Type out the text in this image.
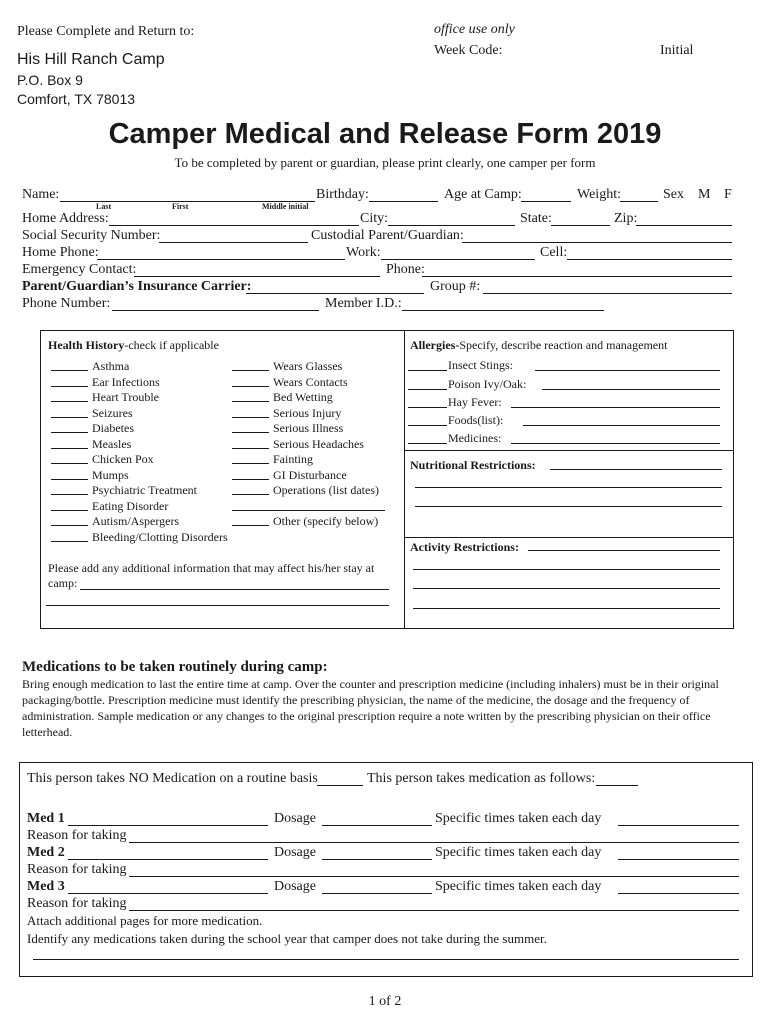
Please Complete and Return to:
His Hill Ranch Camp
P.O. Box 9
Comfort, TX 78013
office use only
Week Code:	Initial
Camper Medical and Release Form 2019
To be completed by parent or guardian, please print clearly, one camper per form
Name:
Last	First	Middle initial
Birthday:	Age at Camp:	Weight:	Sex M F
Home Address:	City:	State:	Zip:
Social Security Number:	Custodial Parent/Guardian:
Home Phone:	Work:	Cell:
Emergency Contact:	Phone:
Parent/Guardian’s Insurance Carrier:	Group #:
Phone Number:	Member I.D.:
Health History-check if applicable
Asthma
Ear Infections
Heart Trouble
Seizures
Diabetes
Measles
Chicken Pox
Mumps
Psychiatric Treatment
Eating Disorder
Autism/Aspergers
Bleeding/Clotting Disorders
Wears Glasses
Wears Contacts
Bed Wetting
Serious Injury
Serious Illness
Serious Headaches
Fainting
GI Disturbance
Operations (list dates)
Other (specify below)
Please add any additional information that may affect his/her stay at
camp:
Allergies-Specify, describe reaction and management
Insect Stings:
Poison Ivy/Oak:
Hay Fever:
Foods(list):
Medicines:
Nutritional Restrictions:
Activity Restrictions:
Medications to be taken routinely during camp:
Bring enough medication to last the entire time at camp. Over the counter and prescription medicine (including inhalers) must be in their original
packaging/bottle. Prescription medicine must identify the prescribing physician, the name of the medicine, the dosage and the frequency of
administration. Sample medication or any changes to the original prescription require a note written by the prescribing physician on their office
letterhead.
This person takes NO Medication on a routine basis	This person takes medication as follows:
Med 1	Dosage	Specific times taken each day
Reason for taking
Med 2	Dosage	Specific times taken each day
Reason for taking
Med 3	Dosage	Specific times taken each day
Reason for taking
Attach additional pages for more medication.
Identify any medications taken during the school year that camper does not take during the summer.
1 of 2
